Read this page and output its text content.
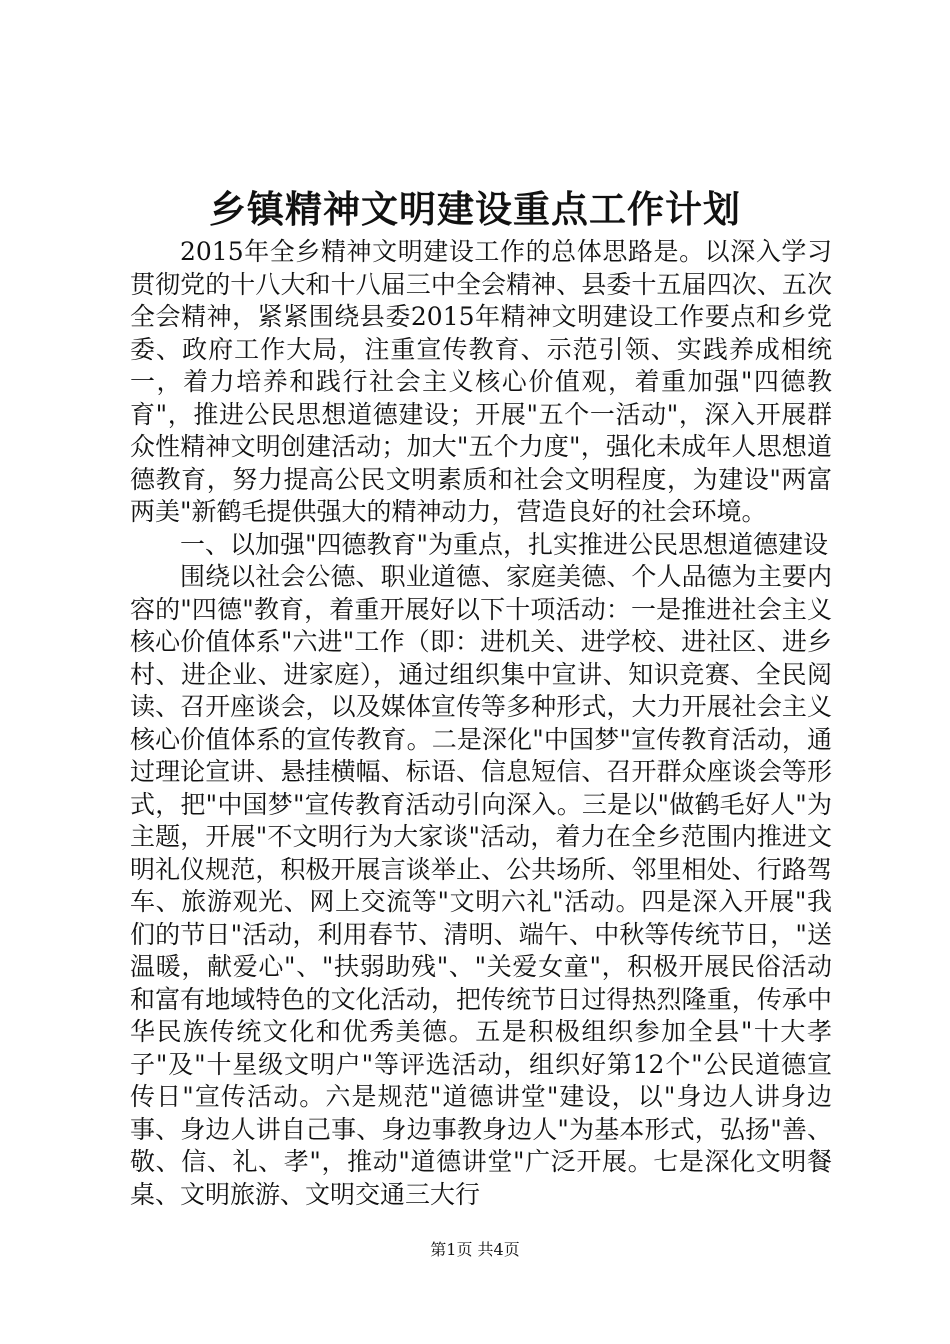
乡镇精神文明建设重点工作计划

2015年全乡精神文明建设工作的总体思路是。以深入学习贯彻党的十八大和十八届三中全会精神、县委十五届四次、五次全会精神，紧紧围绕县委2015年精神文明建设工作要点和乡党委、政府工作大局，注重宣传教育、示范引领、实践养成相统一，着力培养和践行社会主义核心价值观，着重加强"四德教育"，推进公民思想道德建设；开展"五个一活动"，深入开展群众性精神文明创建活动；加大"五个力度"，强化未成年人思想道德教育，努力提高公民文明素质和社会文明程度，为建设"两富两美"新鹤毛提供强大的精神动力，营造良好的社会环境。

一、以加强"四德教育"为重点，扎实推进公民思想道德建设

围绕以社会公德、职业道德、家庭美德、个人品德为主要内容的"四德"教育，着重开展好以下十项活动：一是推进社会主义核心价值体系"六进"工作（即：进机关、进学校、进社区、进乡村、进企业、进家庭），通过组织集中宣讲、知识竞赛、全民阅读、召开座谈会，以及媒体宣传等多种形式，大力开展社会主义核心价值体系的宣传教育。二是深化"中国梦"宣传教育活动，通过理论宣讲、悬挂横幅、标语、信息短信、召开群众座谈会等形式，把"中国梦"宣传教育活动引向深入。三是以"做鹤毛好人"为主题，开展"不文明行为大家谈"活动，着力在全乡范围内推进文明礼仪规范，积极开展言谈举止、公共场所、邻里相处、行路驾车、旅游观光、网上交流等"文明六礼"活动。四是深入开展"我们的节日"活动，利用春节、清明、端午、中秋等传统节日，"送温暖，献爱心"、"扶弱助残"、"关爱女童"，积极开展民俗活动和富有地域特色的文化活动，把传统节日过得热烈隆重，传承中华民族传统文化和优秀美德。五是积极组织参加全县"十大孝子"及"十星级文明户"等评选活动，组织好第12个"公民道德宣传日"宣传活动。六是规范"道德讲堂"建设，以"身边人讲身边事、身边人讲自己事、身边事教身边人"为基本形式，弘扬"善、敬、信、礼、孝"，推动"道德讲堂"广泛开展。七是深化文明餐桌、文明旅游、文明交通三大行

第1页 共4页
